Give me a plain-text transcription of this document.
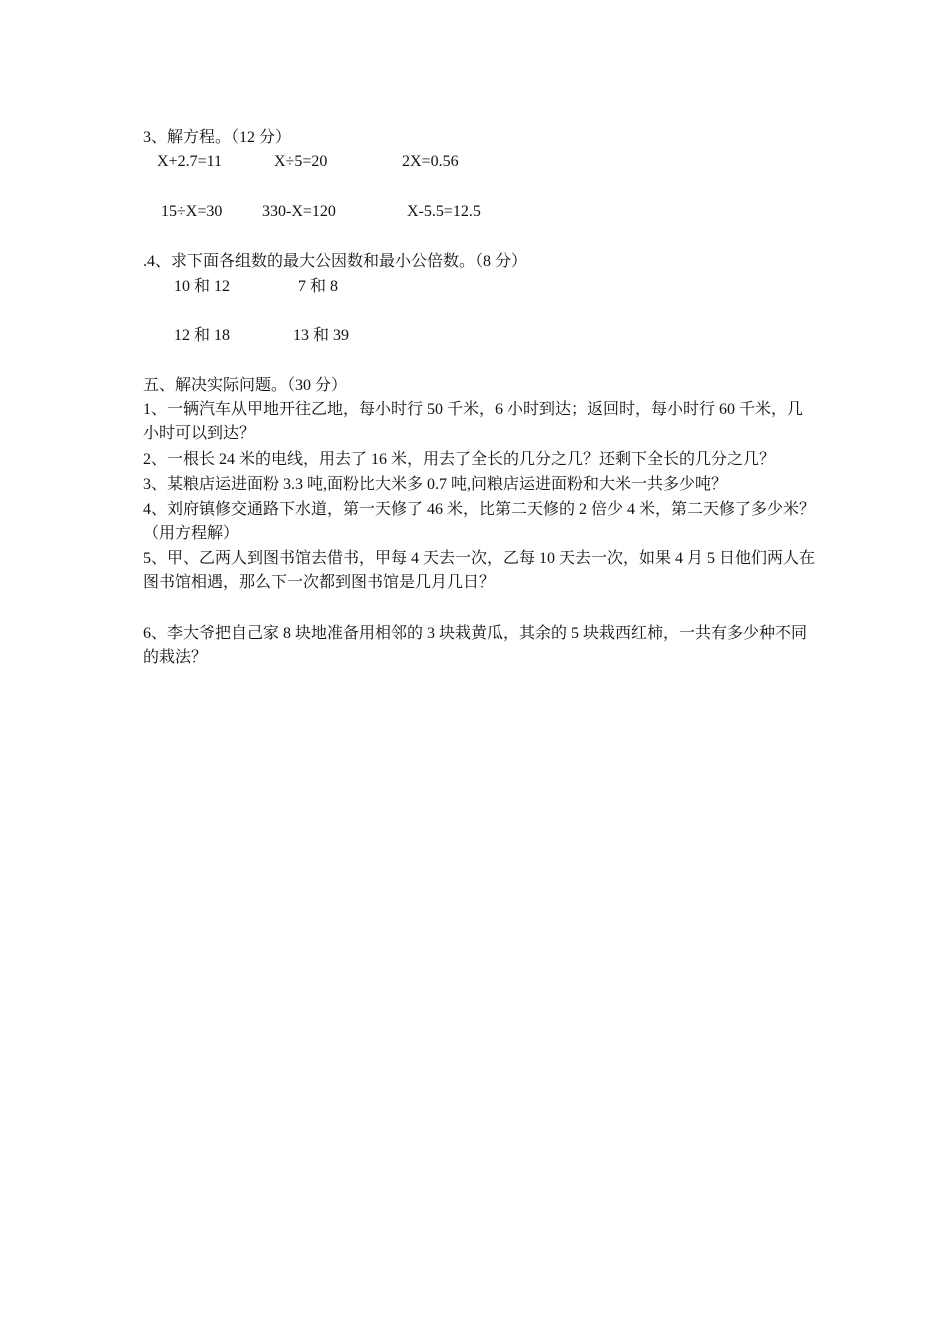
3、解方程。（12 分）
X+2.7=11	X÷5=20	2X=0.56
15÷X=30 330-X=120	X-5.5=12.5
.4、求下面各组数的最大公因数和最小公倍数。（8 分）
10 和 12	7 和 8
12 和 18	13 和 39
五、解决实际问题。（30 分）
1、一辆汽车从甲地开往乙地，每小时行 50 千米，6 小时到达；返回时，每小时行 60 千米，几小时可以到达？
2、一根长 24 米的电线，用去了 16 米，用去了全长的几分之几？还剩下全长的几分之几？
3、某粮店运进面粉 3.3 吨,面粉比大米多 0.7 吨,问粮店运进面粉和大米一共多少吨？
4、刘府镇修交通路下水道，第一天修了 46 米，比第二天修的 2 倍少 4 米，第二天修了多少米？（用方程解）
5、甲、乙两人到图书馆去借书，甲每 4 天去一次，乙每 10 天去一次，如果 4 月 5 日他们两人在图书馆相遇，那么下一次都到图书馆是几月几日？
6、李大爷把自己家 8 块地准备用相邻的 3 块栽黄瓜，其余的 5 块栽西红柿，一共有多少种不同的栽法？
